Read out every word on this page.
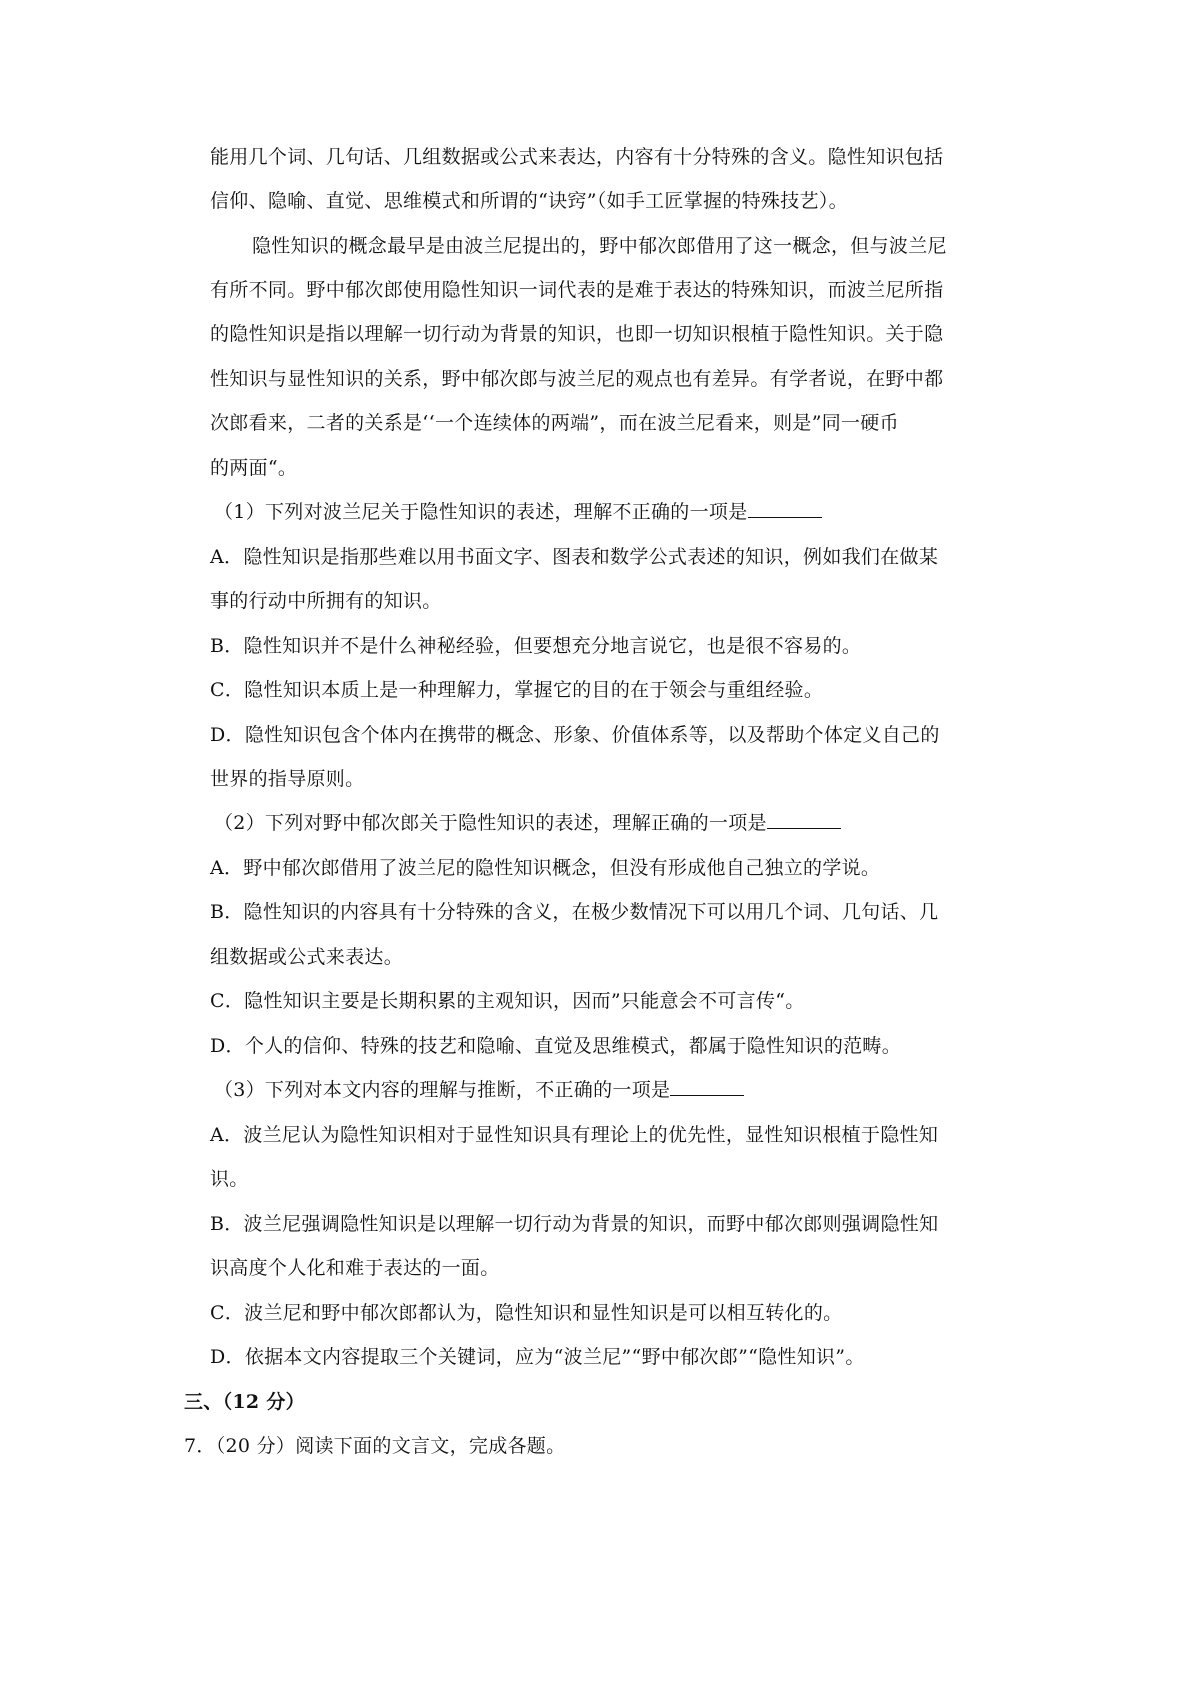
能用几个词、几句话、几组数据或公式来表达，内容有十分特殊的含义。隐性知识包括
信仰、隐喻、直觉、思维模式和所谓的“诀窍”（如手工匠掌握的特殊技艺）。
隐性知识的概念最早是由波兰尼提出的，野中郁次郎借用了这一概念，但与波兰尼
有所不同。野中郁次郎使用隐性知识一词代表的是难于表达的特殊知识，而波兰尼所指
的隐性知识是指以理解一切行动为背景的知识，也即一切知识根植于隐性知识。关于隐
性知识与显性知识的关系，野中郁次郎与波兰尼的观点也有差异。有学者说，在野中都
次郎看来，二者的关系是‘‘一个连续体的两端”，而在波兰尼看来，则是”同一硬币
的两面“。
（1）下列对波兰尼关于隐性知识的表述，理解不正确的一项是
A．隐性知识是指那些难以用书面文字、图表和数学公式表述的知识，例如我们在做某
事的行动中所拥有的知识。
B．隐性知识并不是什么神秘经验，但要想充分地言说它，也是很不容易的。
C．隐性知识本质上是一种理解力，掌握它的目的在于领会与重组经验。
D．隐性知识包含个体内在携带的概念、形象、价值体系等，以及帮助个体定义自己的
世界的指导原则。
（2）下列对野中郁次郎关于隐性知识的表述，理解正确的一项是
A．野中郁次郎借用了波兰尼的隐性知识概念，但没有形成他自己独立的学说。
B．隐性知识的内容具有十分特殊的含义，在极少数情况下可以用几个词、几句话、几
组数据或公式来表达。
C．隐性知识主要是长期积累的主观知识，因而”只能意会不可言传“。
D．个人的信仰、特殊的技艺和隐喻、直觉及思维模式，都属于隐性知识的范畴。
（3）下列对本文内容的理解与推断，不正确的一项是
A．波兰尼认为隐性知识相对于显性知识具有理论上的优先性，显性知识根植于隐性知
识。
B．波兰尼强调隐性知识是以理解一切行动为背景的知识，而野中郁次郎则强调隐性知
识高度个人化和难于表达的一面。
C．波兰尼和野中郁次郎都认为，隐性知识和显性知识是可以相互转化的。
D．依据本文内容提取三个关键词，应为“波兰尼”“野中郁次郎”“隐性知识”。
三、（12 分）
7．（20 分）阅读下面的文言文，完成各题。
